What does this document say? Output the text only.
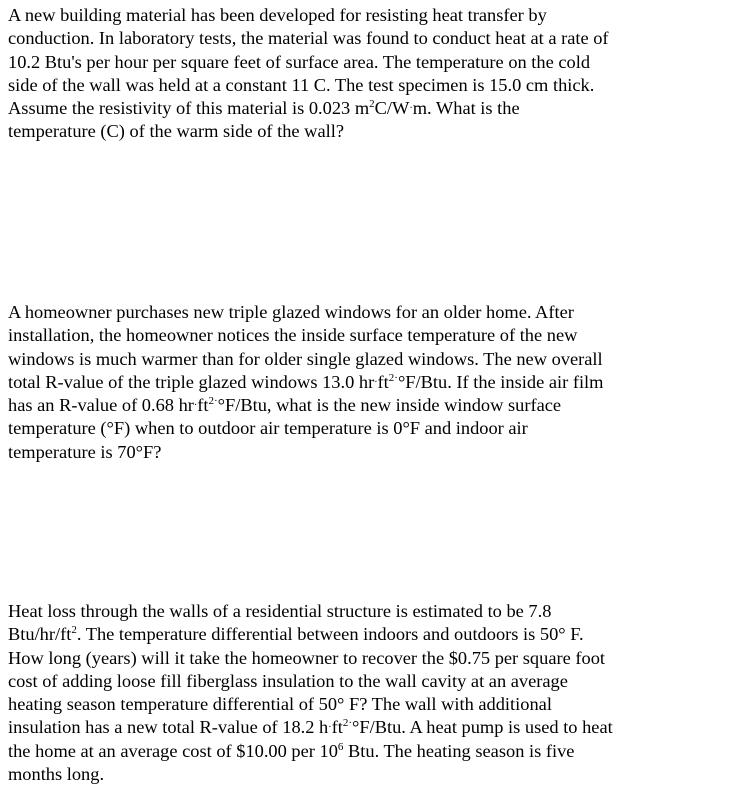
A new building material has been developed for resisting heat transfer by
conduction. In laboratory tests, the material was found to conduct heat at a rate of
10.2 Btu's per hour per square feet of surface area. The temperature on the cold
side of the wall was held at a constant 11 C. The test specimen is 15.0 cm thick.
Assume the resistivity of this material is 0.023 $m^2C/W\cdot m$. What is the
temperature (C) of the warm side of the wall?
A homeowner purchases new triple glazed windows for an older home. After
installation, the homeowner notices the inside surface temperature of the new
windows is much warmer than for older single glazed windows. The new overall
total R-value of the triple glazed windows 13.0 $hr\cdot ft^{2\cdot}^\circ F$/Btu. If the inside air film
has an R-value of 0.68 $hr\cdot ft^{2\cdot}^\circ F$/Btu, what is the new inside window surface
temperature (°F) when to outdoor air temperature is 0°F and indoor air
temperature is 70°F?
Heat loss through the walls of a residential structure is estimated to be 7.8
Btu/$hr/ft^2$. The temperature differential between indoors and outdoors is 50° F.
How long (years) will it take the homeowner to recover the $0.75 per square foot
cost of adding loose fill fiberglass insulation to the wall cavity at an average
heating season temperature differential of 50° F? The wall with additional
insulation has a new total R-value of 18.2 $h\cdot ft^{2\cdot}^\circ F$/Btu. A heat pump is used to heat
the home at an average cost of $10.00 per $10^6$ Btu. The heating season is five
months long.
